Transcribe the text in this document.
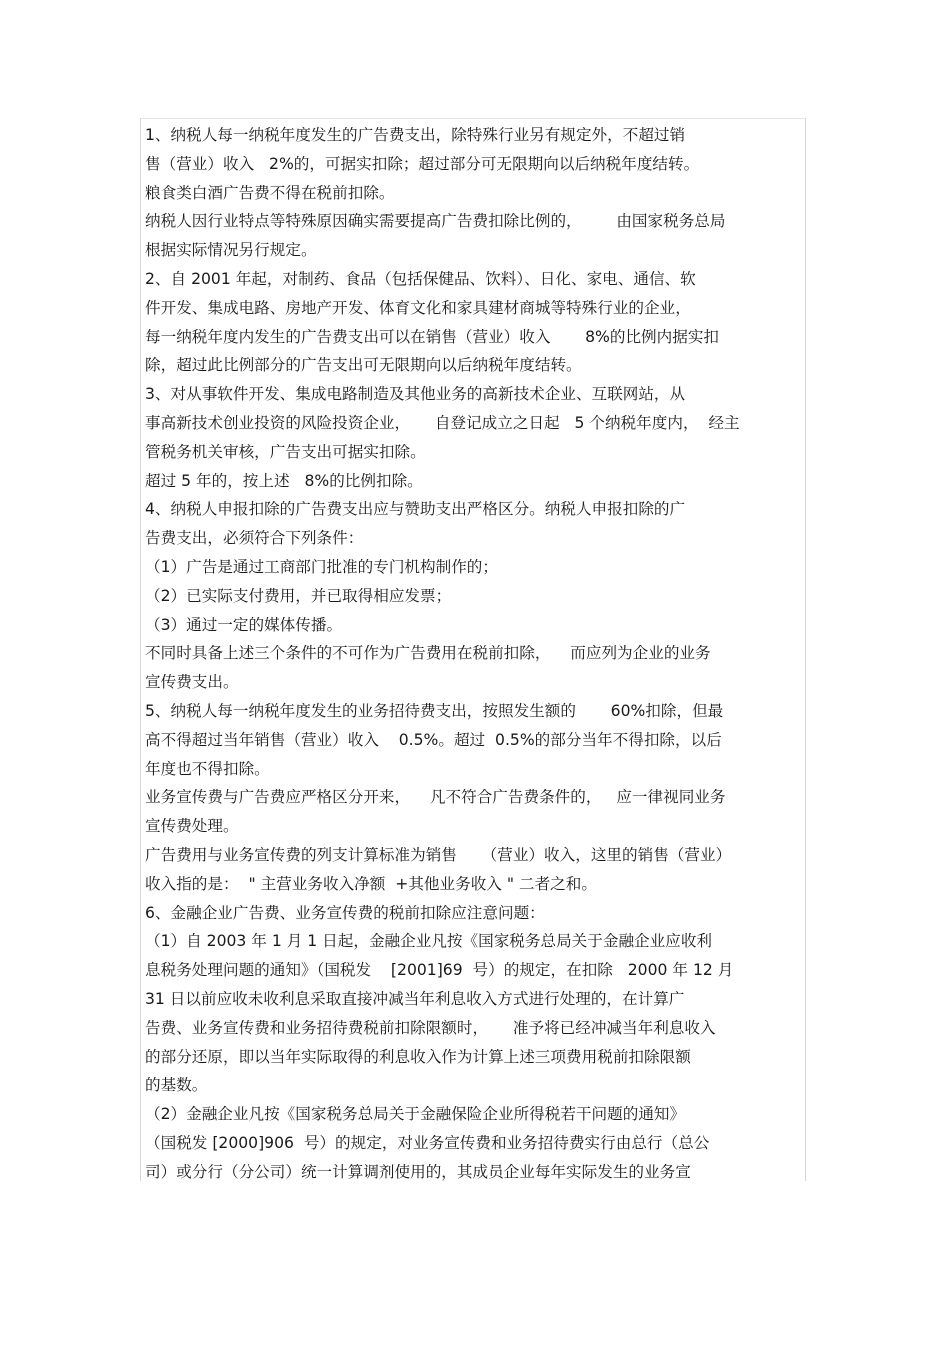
1、纳税人每一纳税年度发生的广告费支出，除特殊行业另有规定外，不超过销
售（营业）收入   2%的，可据实扣除；超过部分可无限期向以后纳税年度结转。
粮食类白酒广告费不得在税前扣除。
纳税人因行业特点等特殊原因确实需要提高广告费扣除比例的，       由国家税务总局
根据实际情况另行规定。
2、自 2001 年起，对制药、食品（包括保健品、饮料）、日化、家电、通信、软
件开发、集成电路、房地产开发、体育文化和家具建材商城等特殊行业的企业，
每一纳税年度内发生的广告费支出可以在销售（营业）收入       8%的比例内据实扣
除，超过此比例部分的广告支出可无限期向以后纳税年度结转。
3、对从事软件开发、集成电路制造及其他业务的高新技术企业、互联网站，从
事高新技术创业投资的风险投资企业，     自登记成立之日起   5 个纳税年度内，  经主
管税务机关审核，广告支出可据实扣除。
超过 5 年的，按上述   8%的比例扣除。
4、纳税人申报扣除的广告费支出应与赞助支出严格区分。纳税人申报扣除的广
告费支出，必须符合下列条件：
（1）广告是通过工商部门批准的专门机构制作的；
（2）已实际支付费用，并已取得相应发票；
（3）通过一定的媒体传播。
不同时具备上述三个条件的不可作为广告费用在税前扣除，    而应列为企业的业务
宣传费支出。
5、纳税人每一纳税年度发生的业务招待费支出，按照发生额的       60%扣除，但最
高不得超过当年销售（营业）收入    0.5%。超过  0.5%的部分当年不得扣除，以后
年度也不得扣除。
业务宣传费与广告费应严格区分开来，    凡不符合广告费条件的，   应一律视同业务
宣传费处理。
广告费用与业务宣传费的列支计算标准为销售     （营业）收入，这里的销售（营业）
收入指的是：  " 主营业务收入净额  +其他业务收入 " 二者之和。
6、金融企业广告费、业务宣传费的税前扣除应注意问题：
（1）自 2003 年 1 月 1 日起，金融企业凡按《国家税务总局关于金融企业应收利
息税务处理问题的通知》（国税发    [2001]69  号）的规定，在扣除   2000 年 12 月
31 日以前应收未收利息采取直接冲减当年利息收入方式进行处理的，在计算广
告费、业务宣传费和业务招待费税前扣除限额时，     准予将已经冲减当年利息收入
的部分还原，即以当年实际取得的利息收入作为计算上述三项费用税前扣除限额
的基数。
（2）金融企业凡按《国家税务总局关于金融保险企业所得税若干问题的通知》
（国税发 [2000]906  号）的规定，对业务宣传费和业务招待费实行由总行（总公
司）或分行（分公司）统一计算调剂使用的，其成员企业每年实际发生的业务宣
